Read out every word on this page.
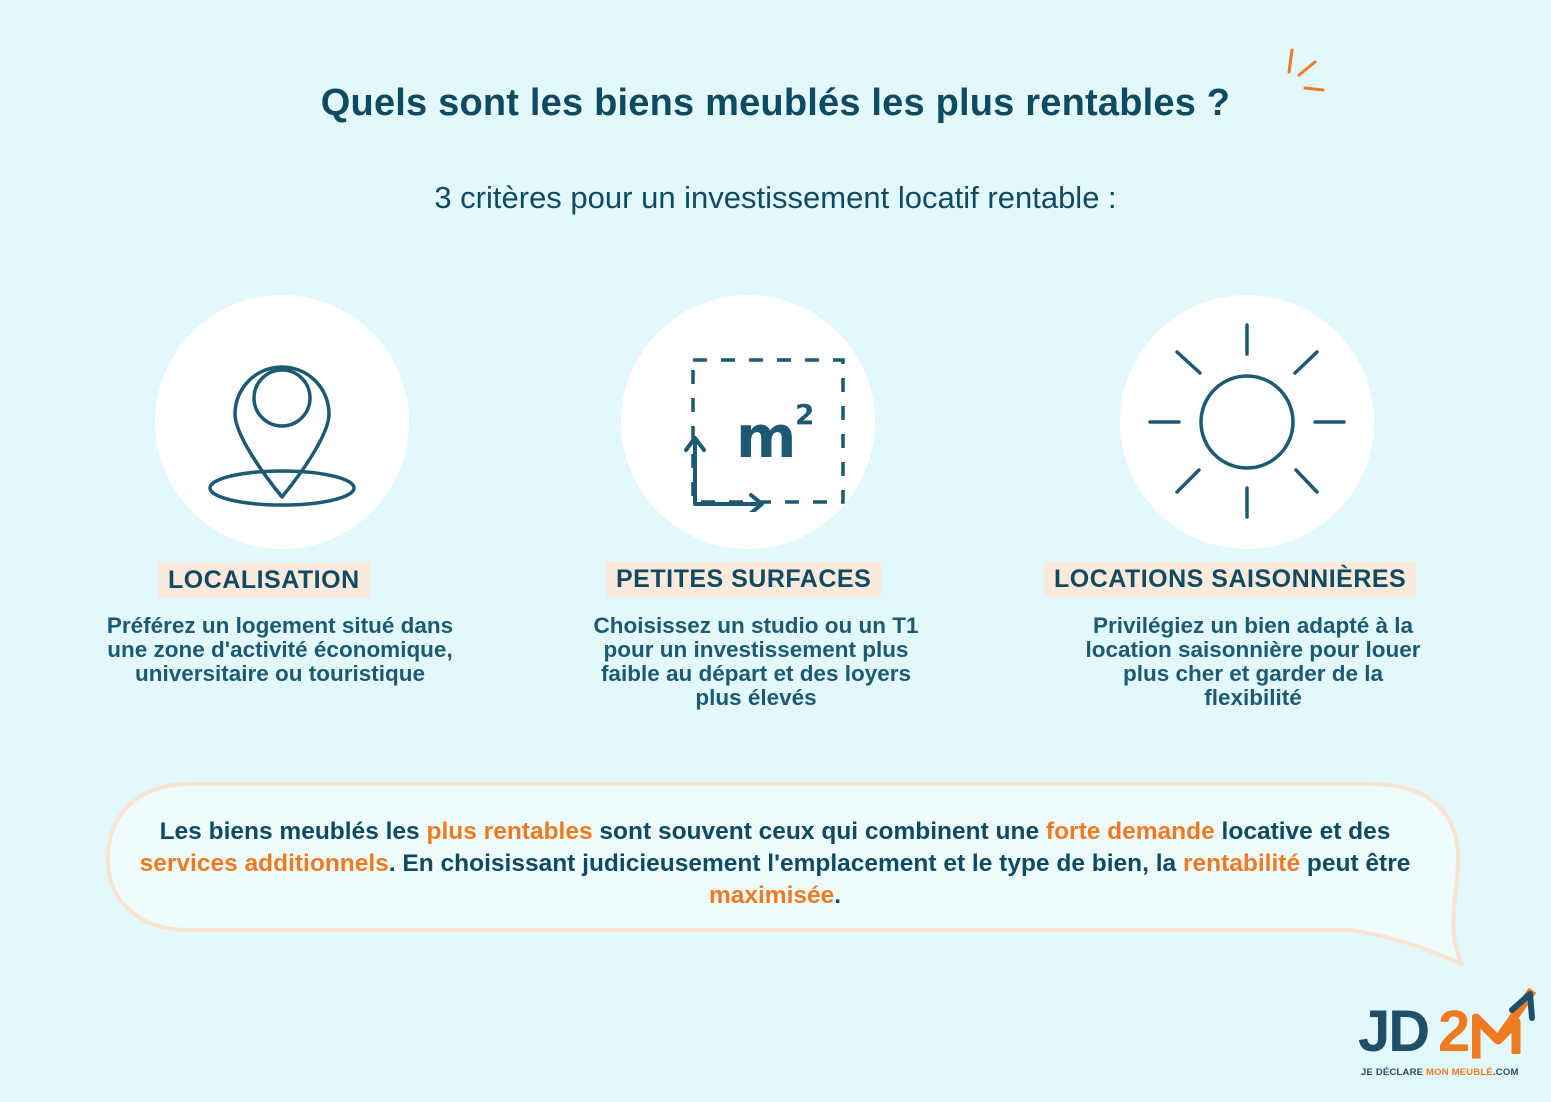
Quels sont les biens meublés les plus rentables ?

3 critères pour un investissement locatif rentable :

LOCALISATION
Préférez un logement situé dans
une zone d'activité économique,
universitaire ou touristique
m
2
PETITES SURFACES
Choisissez un studio ou un T1
pour un investissement plus
faible au départ et des loyers
plus élevés
LOCATIONS SAISONNIÈRES
Privilégiez un bien adapté à la
location saisonnière pour louer
plus cher et garder de la
flexibilité

Les biens meublés les plus rentables sont souvent ceux qui combinent une forte demande locative et des services additionnels. En choisissant judicieusement l'emplacement et le type de bien, la rentabilité peut être maximisée.

JD 2
JE DÉCLARE MON MEUBLÉ.COM
